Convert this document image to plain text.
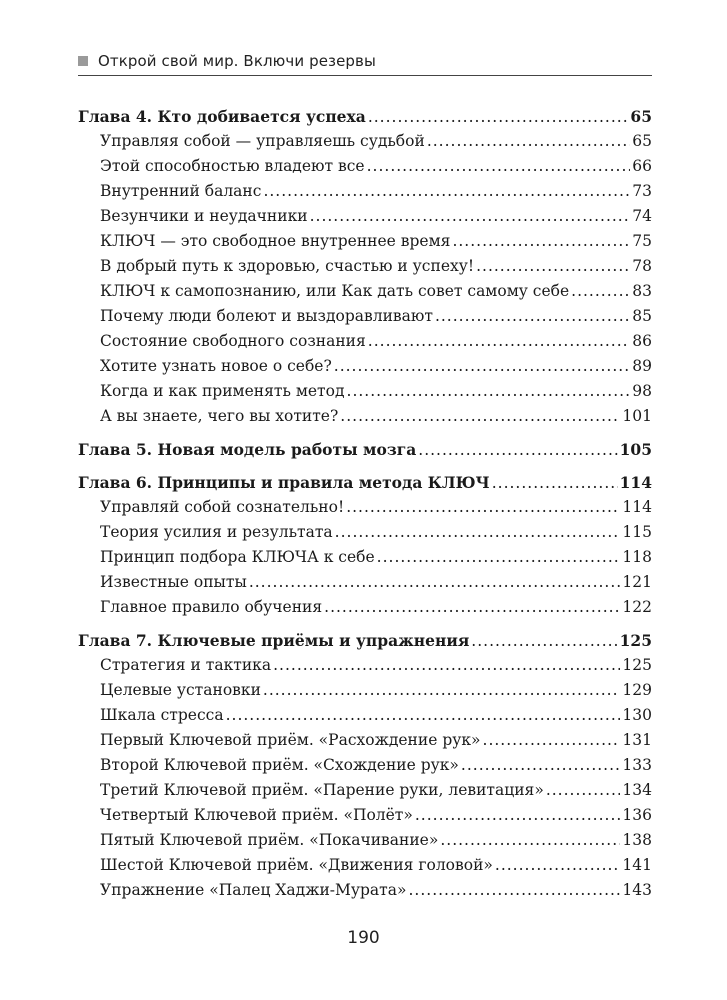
Открой свой мир. Включи резервы
Глава 4. Кто добивается успеха .....	65
Управляя собой — управляешь судьбой .....	65
Этой способностью владеют все .....	66
Внутренний баланс .....	73
Везунчики и неудачники .....	74
КЛЮЧ — это свободное внутреннее время .....	75
В добрый путь к здоровью, счастью и успеху! .....	78
КЛЮЧ к самопознанию, или Как дать совет самому себе .....	83
Почему люди болеют и выздоравливают .....	85
Состояние свободного сознания .....	86
Хотите узнать новое о себе? .....	89
Когда и как применять метод .....	98
А вы знаете, чего вы хотите? .....	101
Глава 5. Новая модель работы мозга .....	105
Глава 6. Принципы и правила метода КЛЮЧ .....	114
Управляй собой сознательно! .....	114
Теория усилия и результата .....	115
Принцип подбора КЛЮЧА к себе .....	118
Известные опыты .....	121
Главное правило обучения .....	122
Глава 7. Ключевые приёмы и упражнения .....	125
Стратегия и тактика .....	125
Целевые установки .....	129
Шкала стресса .....	130
Первый Ключевой приём. «Расхождение рук» .....	131
Второй Ключевой приём. «Схождение рук» .....	133
Третий Ключевой приём. «Парение руки, левитация» .....	134
Четвертый Ключевой приём. «Полёт» .....	136
Пятый Ключевой приём. «Покачивание» .....	138
Шестой Ключевой приём. «Движения головой» .....	141
Упражнение «Палец Хаджи-Мурата» .....	143
190
